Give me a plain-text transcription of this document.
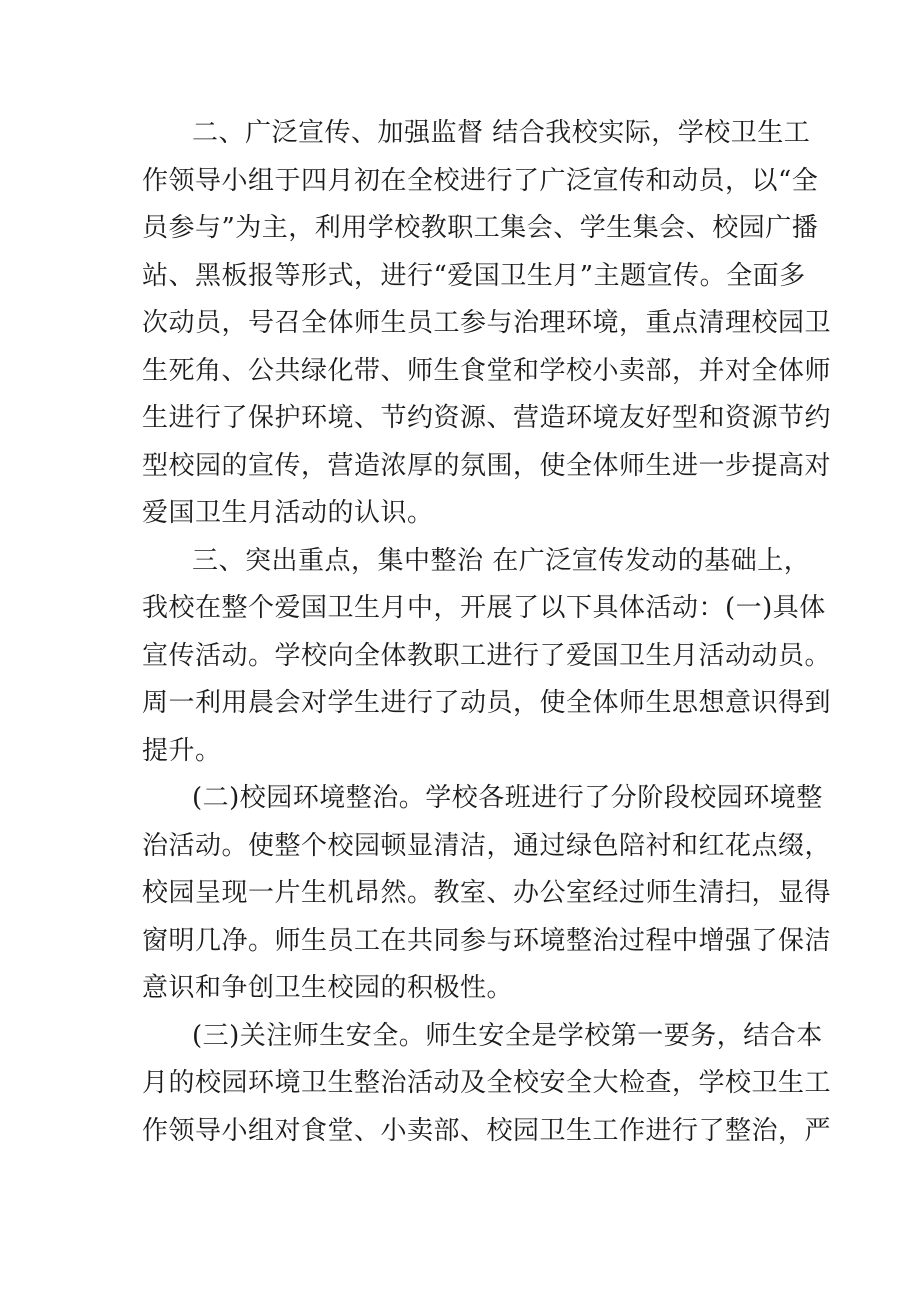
二、广泛宣传、加强监督 结合我校实际，学校卫生工
作领导小组于四月初在全校进行了广泛宣传和动员，以“全
员参与”为主，利用学校教职工集会、学生集会、校园广播
站、黑板报等形式，进行“爱国卫生月”主题宣传。全面多
次动员，号召全体师生员工参与治理环境，重点清理校园卫
生死角、公共绿化带、师生食堂和学校小卖部，并对全体师
生进行了保护环境、节约资源、营造环境友好型和资源节约
型校园的宣传，营造浓厚的氛围，使全体师生进一步提高对
爱国卫生月活动的认识。
三、突出重点，集中整治 在广泛宣传发动的基础上，
我校在整个爱国卫生月中，开展了以下具体活动：(一)具体
宣传活动。学校向全体教职工进行了爱国卫生月活动动员。
周一利用晨会对学生进行了动员，使全体师生思想意识得到
提升。
(二)校园环境整治。学校各班进行了分阶段校园环境整
治活动。使整个校园顿显清洁，通过绿色陪衬和红花点缀，
校园呈现一片生机昂然。教室、办公室经过师生清扫，显得
窗明几净。师生员工在共同参与环境整治过程中增强了保洁
意识和争创卫生校园的积极性。
(三)关注师生安全。师生安全是学校第一要务，结合本
月的校园环境卫生整治活动及全校安全大检查，学校卫生工
作领导小组对食堂、小卖部、校园卫生工作进行了整治，严
